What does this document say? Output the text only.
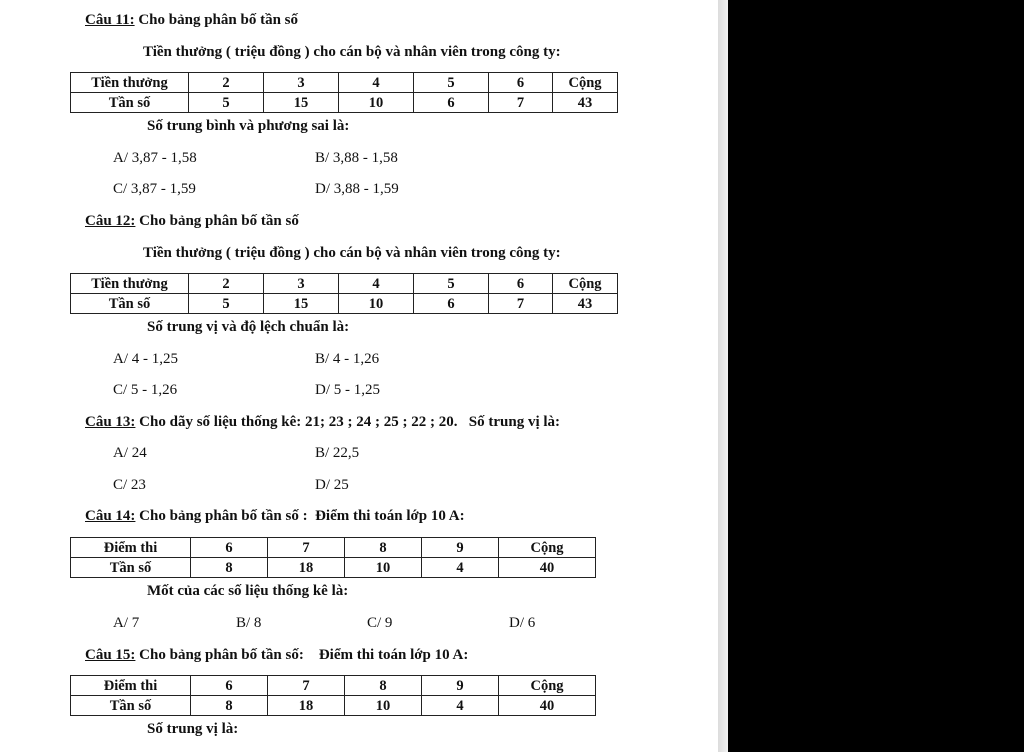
Câu 11: Cho bảng phân bố tần số
Tiền thưởng ( triệu đồng ) cho cán bộ và nhân viên trong công ty:
Tiền thưởng	2	3	4	5	6	Cộng
Tần số	5	15	10	6	7	43
Số trung bình và phương sai là:
A/ 3,87 - 1,58	B/ 3,88 - 1,58
C/ 3,87 - 1,59	D/ 3,88 - 1,59
Câu 12: Cho bảng phân bố tần số
Tiền thưởng ( triệu đồng ) cho cán bộ và nhân viên trong công ty:
Tiền thưởng	2	3	4	5	6	Cộng
Tần số	5	15	10	6	7	43
Số trung vị và độ lệch chuẩn là:
A/ 4 - 1,25	B/ 4 - 1,26
C/ 5 - 1,26	D/ 5 - 1,25
Câu 13: Cho dãy số liệu thống kê: 21; 23 ; 24 ; 25 ; 22 ; 20.   Số trung vị là:
A/ 24	B/ 22,5
C/ 23	D/ 25
Câu 14: Cho bảng phân bố tần số :  Điểm thi toán lớp 10 A:
Điểm thi	6	7	8	9	Cộng
Tần số	8	18	10	4	40
Mốt của các số liệu thống kê là:
A/ 7	B/ 8	C/ 9	D/ 6
Câu 15: Cho bảng phân bố tần số:    Điểm thi toán lớp 10 A:
Điểm thi	6	7	8	9	Cộng
Tần số	8	18	10	4	40
Số trung vị là:
